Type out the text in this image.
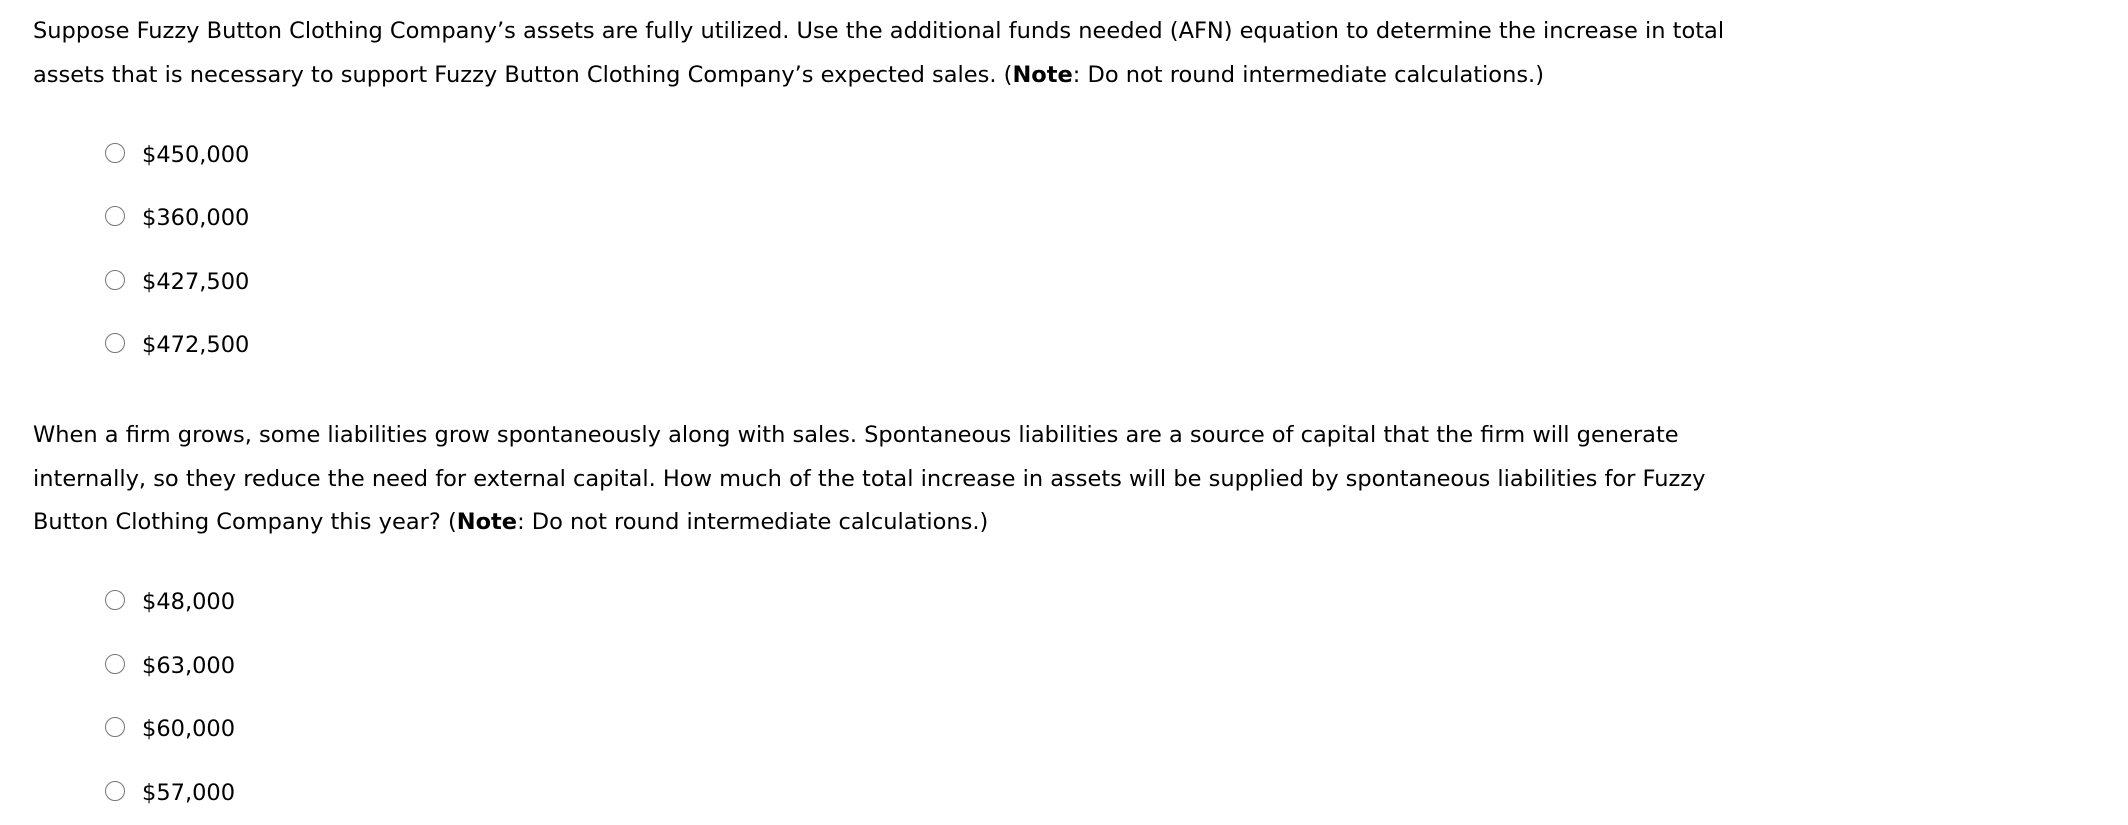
Suppose Fuzzy Button Clothing Company’s assets are fully utilized. Use the additional funds needed (AFN) equation to determine the increase in total assets that is necessary to support Fuzzy Button Clothing Company’s expected sales. (Note: Do not round intermediate calculations.)

$450,000
$360,000
$427,500
$472,500

When a firm grows, some liabilities grow spontaneously along with sales. Spontaneous liabilities are a source of capital that the firm will generate internally, so they reduce the need for external capital. How much of the total increase in assets will be supplied by spontaneous liabilities for Fuzzy Button Clothing Company this year? (Note: Do not round intermediate calculations.)

$48,000
$63,000
$60,000
$57,000
